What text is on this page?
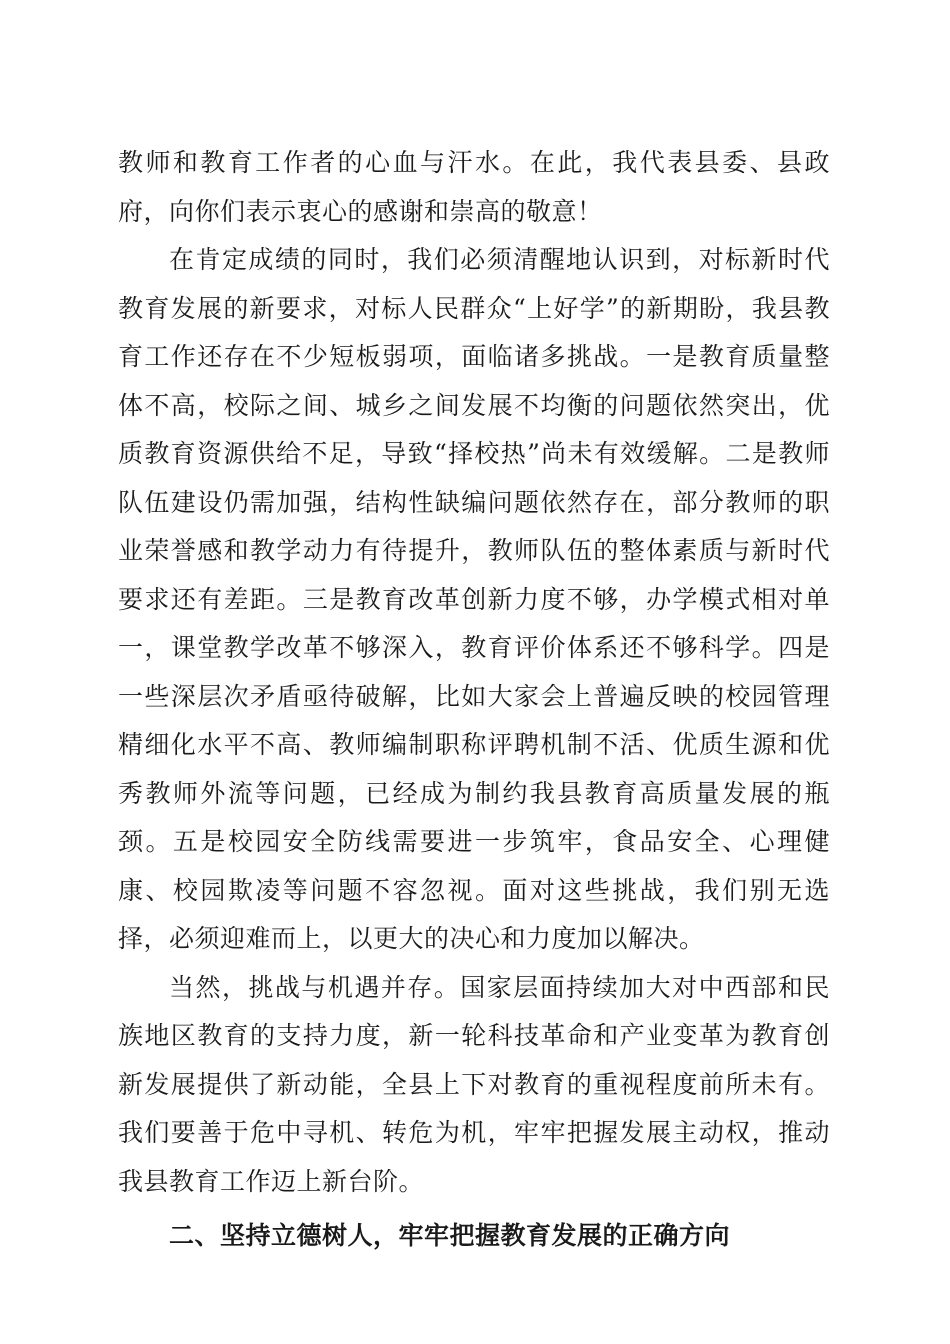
教师和教育工作者的心血与汗水。在此，我代表县委、县政府，向你们表示衷心的感谢和崇高的敬意！

在肯定成绩的同时，我们必须清醒地认识到，对标新时代教育发展的新要求，对标人民群众“上好学”的新期盼，我县教育工作还存在不少短板弱项，面临诸多挑战。一是教育质量整体不高，校际之间、城乡之间发展不均衡的问题依然突出，优质教育资源供给不足，导致“择校热”尚未有效缓解。二是教师队伍建设仍需加强，结构性缺编问题依然存在，部分教师的职业荣誉感和教学动力有待提升，教师队伍的整体素质与新时代要求还有差距。三是教育改革创新力度不够，办学模式相对单一，课堂教学改革不够深入，教育评价体系还不够科学。四是一些深层次矛盾亟待破解，比如大家会上普遍反映的校园管理精细化水平不高、教师编制职称评聘机制不活、优质生源和优秀教师外流等问题，已经成为制约我县教育高质量发展的瓶颈。五是校园安全防线需要进一步筑牢，食品安全、心理健康、校园欺凌等问题不容忽视。面对这些挑战，我们别无选择，必须迎难而上，以更大的决心和力度加以解决。

当然，挑战与机遇并存。国家层面持续加大对中西部和民族地区教育的支持力度，新一轮科技革命和产业变革为教育创新发展提供了新动能，全县上下对教育的重视程度前所未有。我们要善于危中寻机、转危为机，牢牢把握发展主动权，推动我县教育工作迈上新台阶。

二、坚持立德树人，牢牢把握教育发展的正确方向
